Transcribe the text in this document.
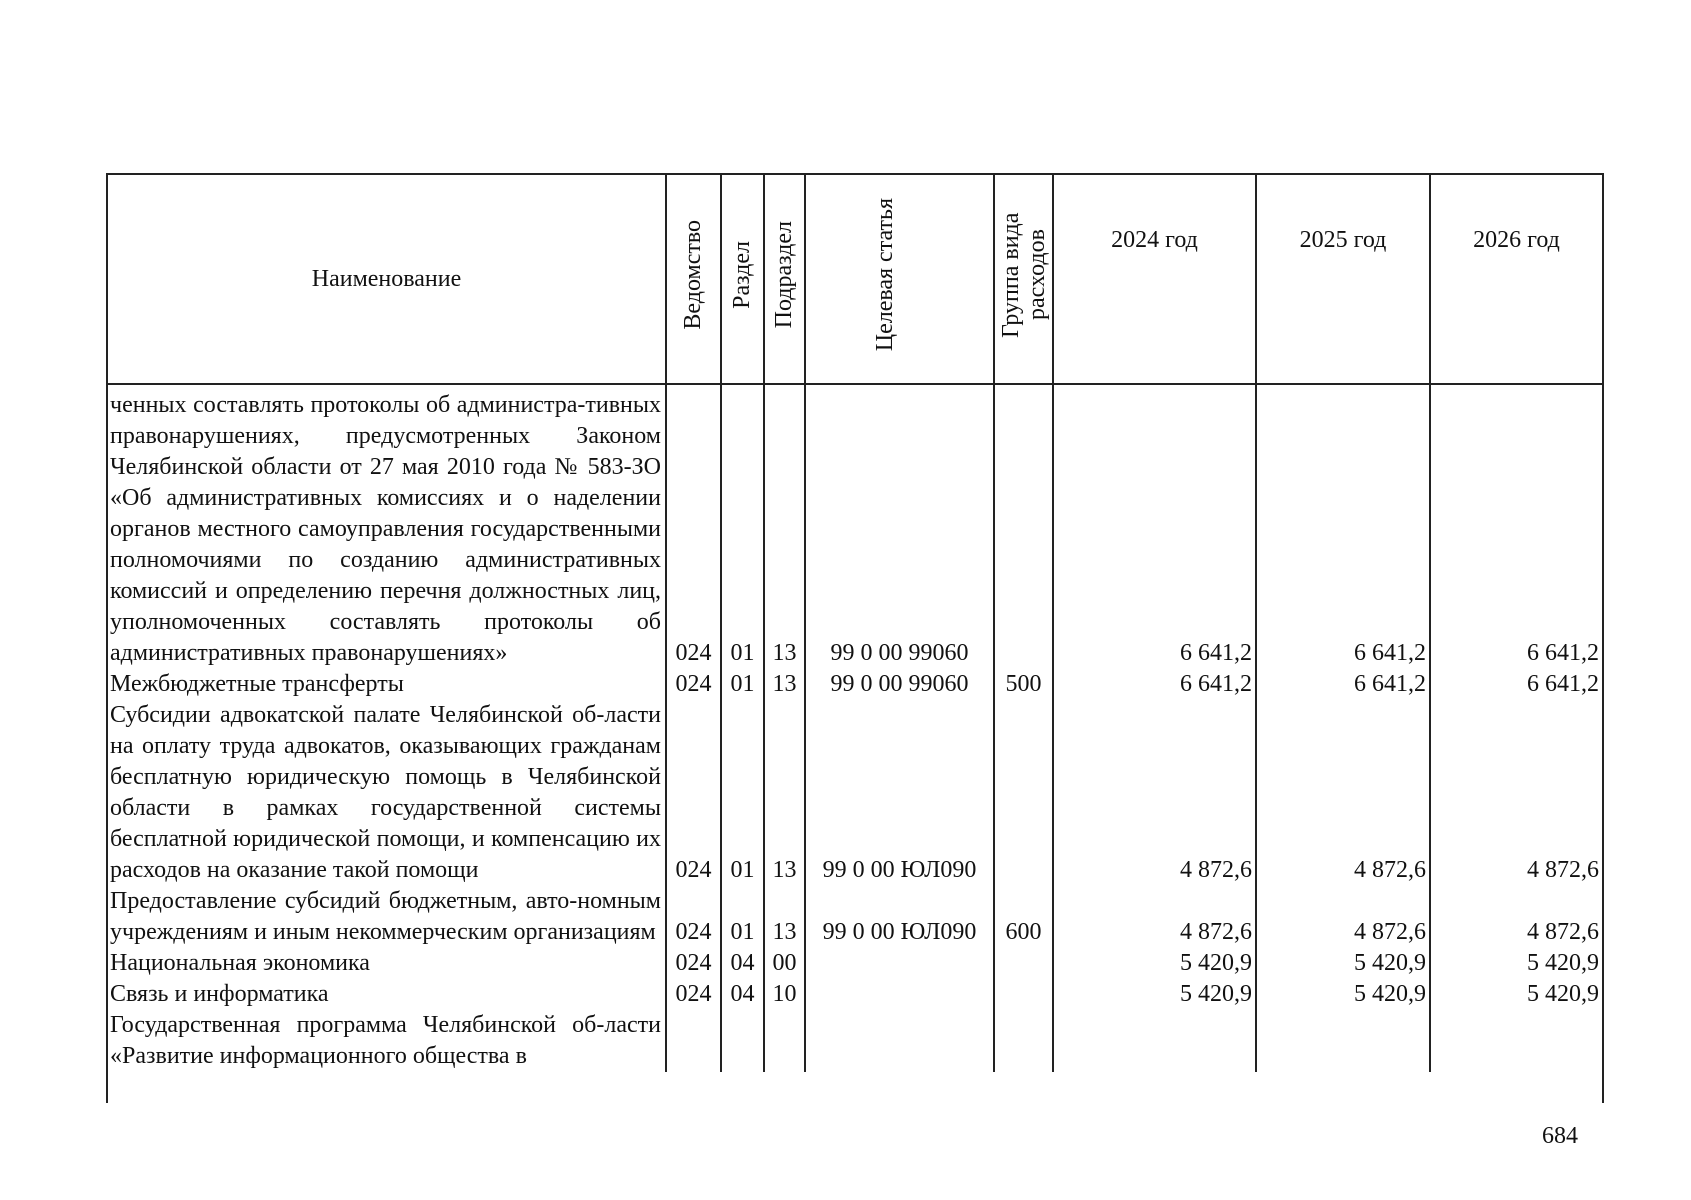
Наименование	Ведомство	Раздел	Подраздел	Целевая статья	Группа вида расходов	2024 год	2025 год	2026 год
ченных составлять протоколы об администра-тивных правонарушениях, предусмотренных Законом Челябинской области от 27 мая 2010 года № 583-ЗО «Об административных комиссиях и о наделении органов местного самоуправления государственными полномочиями по созданию административных комиссий и определению перечня должностных лиц, уполномоченных составлять протоколы об административных правонарушениях»	024	01	13	99 0 00 99060		6 641,2	6 641,2	6 641,2
Межбюджетные трансферты	024	01	13	99 0 00 99060	500	6 641,2	6 641,2	6 641,2
Субсидии адвокатской палате Челябинской об-ласти на оплату труда адвокатов, оказывающих гражданам бесплатную юридическую помощь в Челябинской области в рамках государственной системы бесплатной юридической помощи, и компенсацию их расходов на оказание такой помощи	024	01	13	99 0 00 ЮЛ090		4 872,6	4 872,6	4 872,6
Предоставление субсидий бюджетным, авто-номным учреждениям и иным некоммерческим организациям	024	01	13	99 0 00 ЮЛ090	600	4 872,6	4 872,6	4 872,6
Национальная экономика	024	04	00			5 420,9	5 420,9	5 420,9
Связь и информатика	024	04	10			5 420,9	5 420,9	5 420,9
Государственная программа Челябинской об-ласти «Развитие информационного общества в								
684
